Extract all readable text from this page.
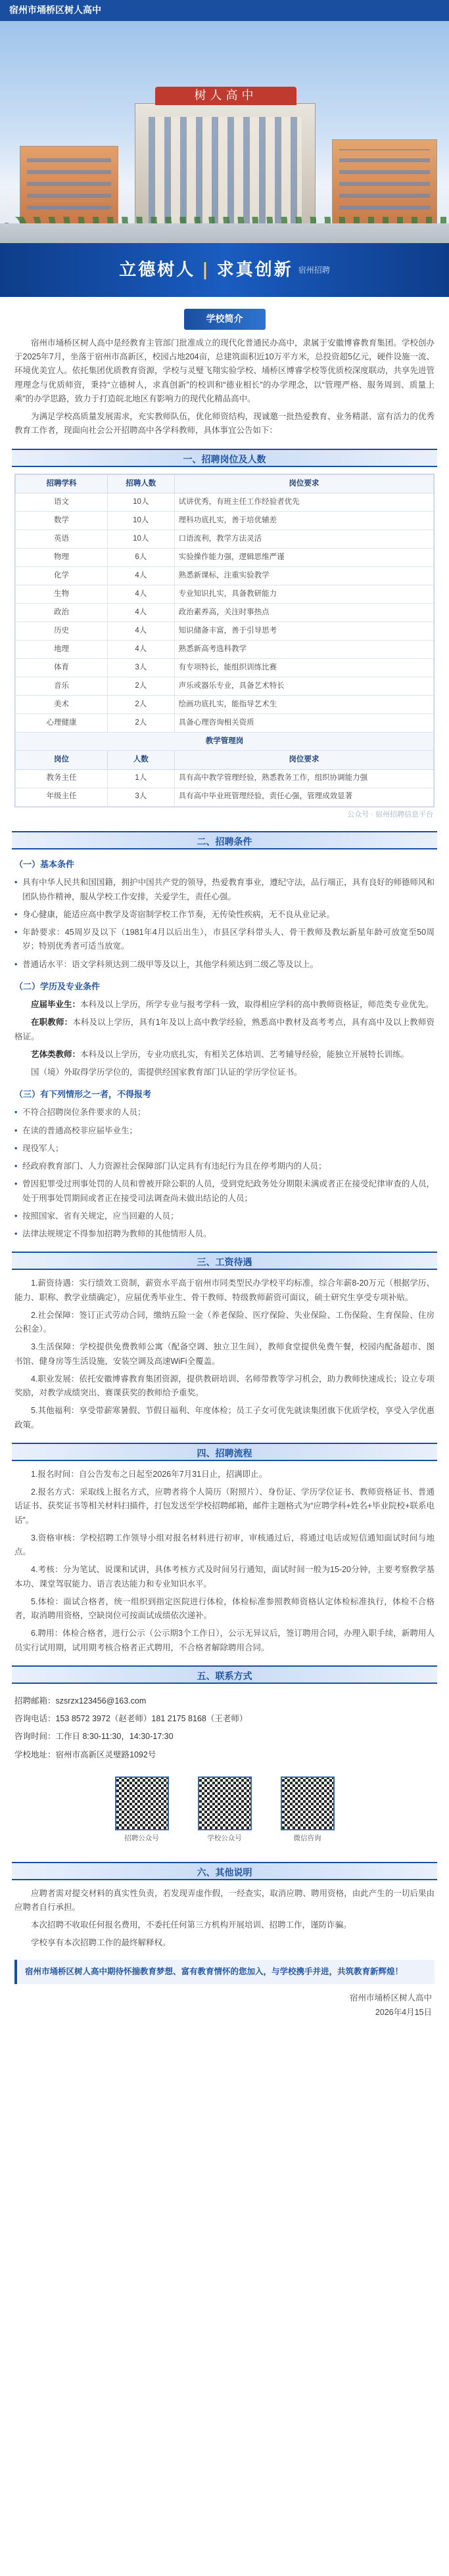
宿州市埇桥区树人高中
树人高中
立德树人 | 求真创新 宿州招聘
学校简介

宿州市埇桥区树人高中是经教育主管部门批准成立的现代化普通民办高中，隶属于安徽博睿教育集团。学校创办于2025年7月，坐落于宿州市高新区，校园占地204亩，总建筑面积近10万平方米，总投资超5亿元，硬件设施一流、环境优美宜人。依托集团优质教育资源，学校与灵璧飞翔实验学校、埇桥区博睿学校等优质校深度联动，共享先进管理理念与优质师资，秉持“立德树人，求真创新”的校训和“德业相长”的办学理念，以“管理严格、服务周到、质量上乘”的办学思路，致力于打造皖北地区有影响力的现代化精品高中。

为满足学校高质量发展需求，充实教师队伍，优化师资结构，现诚邀一批热爱教育、业务精湛、富有活力的优秀教育工作者，现面向社会公开招聘高中各学科教师，具体事宜公告如下：

一、招聘岗位及人数
招聘学科	招聘人数	岗位要求
语文	10人	试讲优秀，有班主任工作经验者优先
数学	10人	理科功底扎实，善于培优辅差
英语	10人	口语流利，教学方法灵活
物理	6人	实验操作能力强，逻辑思维严谨
化学	4人	熟悉新课标，注重实验教学
生物	4人	专业知识扎实，具备教研能力
政治	4人	政治素养高，关注时事热点
历史	4人	知识储备丰富，善于引导思考
地理	4人	熟悉新高考选科教学
体育	3人	有专项特长，能组织训练比赛
音乐	2人	声乐或器乐专业，具备艺术特长
美术	2人	绘画功底扎实，能指导艺术生
心理健康	2人	具备心理咨询相关资质
教学管理岗		
岗位	人数	岗位要求
教务主任	1人	具有高中教学管理经验，熟悉教务工作，组织协调能力强
年级主任	3人	具有高中毕业班管理经验，责任心强，管理成效显著
公众号 · 宿州招聘信息平台
二、招聘条件
（一）基本条件
• 具有中华人民共和国国籍，拥护中国共产党的领导，热爱教育事业，遵纪守法，品行端正，具有良好的师德师风和团队协作精神，服从学校工作安排，关爱学生，责任心强。
• 身心健康，能适应高中教学及寄宿制学校工作节奏，无传染性疾病，无不良从业记录。
• 年龄要求：45周岁及以下（1981年4月以后出生），市县区学科带头人、骨干教师及教坛新星年龄可放宽至50周岁；特别优秀者可适当放宽。
• 普通话水平：语文学科须达到二级甲等及以上，其他学科须达到二级乙等及以上。
（二）学历及专业条件

应届毕业生：本科及以上学历，所学专业与报考学科一致，取得相应学科的高中教师资格证，师范类专业优先。

在职教师：本科及以上学历，具有1年及以上高中教学经验，熟悉高中教材及高考考点，具有高中及以上教师资格证。

艺体类教师：本科及以上学历，专业功底扎实，有相关艺体培训、艺考辅导经验，能独立开展特长训练。

国（境）外取得学历学位的，需提供经国家教育部门认证的学历学位证书。

（三）有下列情形之一者，不得报考
• 不符合招聘岗位条件要求的人员；
• 在读的普通高校非应届毕业生；
• 现役军人；
• 经政府教育部门、人力资源社会保障部门认定具有有违纪行为且在停考期内的人员；
• 曾因犯罪受过刑事处罚的人员和曾被开除公职的人员，受到党纪政务处分期限未满或者正在接受纪律审查的人员，处于刑事处罚期间或者正在接受司法调查尚未做出结论的人员；
• 按照国家、省有关规定，应当回避的人员；
• 法律法规规定不得参加招聘为教师的其他情形人员。
三、工资待遇

1.薪资待遇：实行绩效工资制，薪资水平高于宿州市同类型民办学校平均标准，综合年薪8-20万元（根据学历、能力、职称、教学业绩确定），应届优秀毕业生、骨干教师、特级教师薪资可面议，硕士研究生享受专项补贴。

2.社会保障：签订正式劳动合同，缴纳五险一金（养老保险、医疗保险、失业保险、工伤保险、生育保险、住房公积金）。

3.生活保障：学校提供免费教师公寓（配备空调、独立卫生间），教师食堂提供免费午餐，校园内配备超市、图书馆、健身房等生活设施，安装空调及高速WiFi全覆盖。

4.职业发展：依托安徽博睿教育集团资源，提供教研培训、名师带教等学习机会，助力教师快速成长；设立专项奖励，对教学成绩突出、赛课获奖的教师给予重奖。

5.其他福利：享受带薪寒暑假、节假日福利、年度体检；员工子女可优先就读集团旗下优质学校，享受入学优惠政策。

四、招聘流程

1.报名时间：自公告发布之日起至2026年7月31日止，招满即止。

2.报名方式：采取线上报名方式，应聘者将个人简历（附照片）、身份证、学历学位证书、教师资格证书、普通话证书、获奖证书等相关材料扫描件，打包发送至学校招聘邮箱，邮件主题格式为“应聘学科+姓名+毕业院校+联系电话”。

3.资格审核：学校招聘工作领导小组对报名材料进行初审，审核通过后，将通过电话或短信通知面试时间与地点。

4.考核：分为笔试、说课和试讲，具体考核方式及时间另行通知，面试时间一般为15-20分钟，主要考察教学基本功、课堂驾驭能力、语言表达能力和专业知识水平。

5.体检：面试合格者，统一组织到指定医院进行体检，体检标准参照教师资格认定体检标准执行，体检不合格者，取消聘用资格，空缺岗位可按面试成绩依次递补。

6.聘用：体检合格者，进行公示（公示期3个工作日），公示无异议后，签订聘用合同，办理入职手续，新聘用人员实行试用期，试用期考核合格者正式聘用，不合格者解除聘用合同。

五、联系方式
招聘邮箱：szsrzx123456@163.com
咨询电话：153 8572 3972（赵老师）181 2175 8168（王老师）
咨询时间：工作日 8:30-11:30，14:30-17:30
学校地址：宿州市高新区灵璧路1092号
招聘公众号	学校公众号	微信咨询
六、其他说明

应聘者需对提交材料的真实性负责，若发现弄虚作假，一经查实，取消应聘、聘用资格，由此产生的一切后果由应聘者自行承担。

本次招聘不收取任何报名费用，不委托任何第三方机构开展培训、招聘工作，谨防诈骗。

学校享有本次招聘工作的最终解释权。

宿州市埇桥区树人高中期待怀揣教育梦想、富有教育情怀的您加入，与学校携手并进，共筑教育新辉煌！
宿州市埇桥区树人高中
2026年4月15日
